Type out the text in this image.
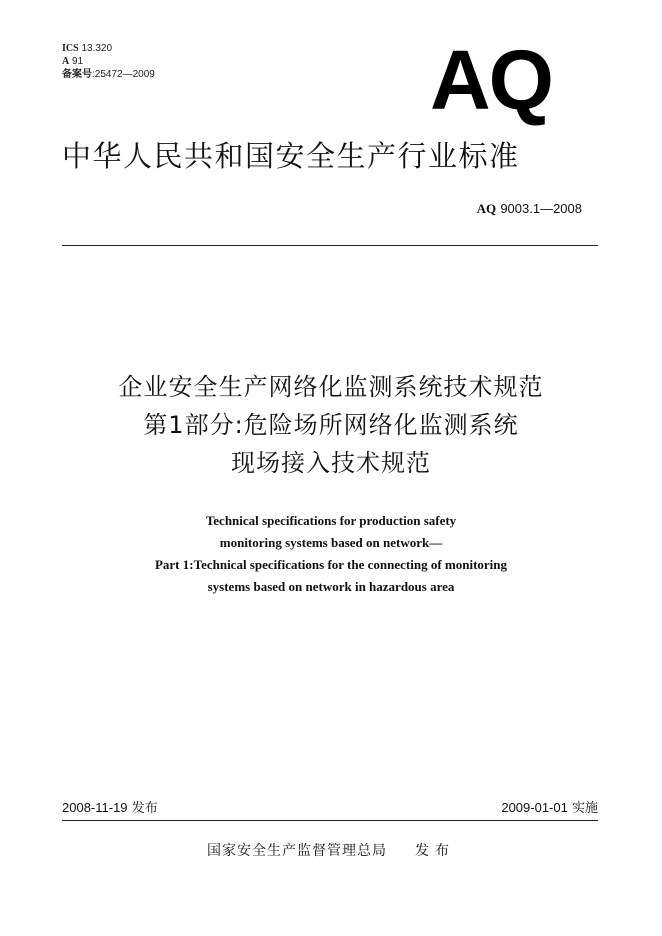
ICS 13.320
A 91
备案号:25472—2009	AQ
中华人民共和国安全生产行业标准
AQ 9003.1—2008
企业安全生产网络化监测系统技术规范
第1部分:危险场所网络化监测系统
现场接入技术规范
Technical specifications for production safety
monitoring systems based on network—
Part 1:Technical specifications for the connecting of monitoring
systems based on network in hazardous area
2008-11-19 发布	2009-01-01 实施
国家安全生产监督管理总局 发布
